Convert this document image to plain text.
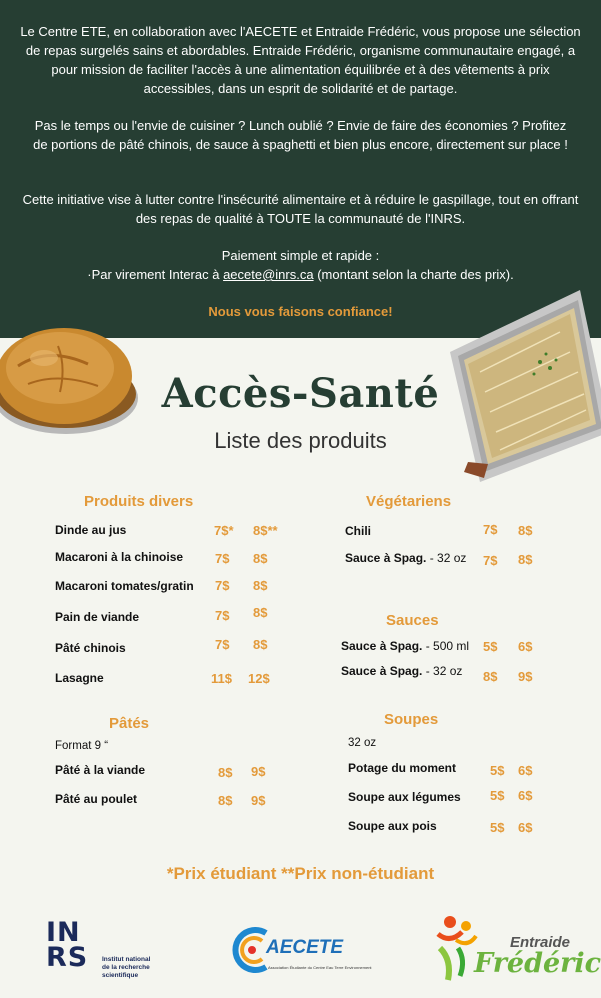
Le Centre ETE, en collaboration avec l'AECETE et Entraide Frédéric, vous propose une sélection de repas surgelés sains et abordables. Entraide Frédéric, organisme communautaire engagé, a pour mission de faciliter l'accès à une alimentation équilibrée et à des vêtements à prix accessibles, dans un esprit de solidarité et de partage.

Pas le temps ou l'envie de cuisiner ? Lunch oublié ? Envie de faire des économies ? Profitez de portions de pâté chinois, de sauce à spaghetti et bien plus encore, directement sur place !

Cette initiative vise à lutter contre l'insécurité alimentaire et à réduire le gaspillage, tout en offrant des repas de qualité à TOUTE la communauté de l'INRS.

Paiement simple et rapide :
·Par virement Interac à aecete@inrs.ca (montant selon la charte des prix).

Nous vous faisons confiance!

Accès-Santé
Liste des produits
Produits divers
Dinde au jus	7$* 8$**
Macaroni à la chinoise 7$ 8$
Macaroni tomates/gratin 7$ 8$
Pain de viande	7$ 8$
Pâté chinois	7$ 8$
Lasagne	11$ 12$
Végétariens
Chili	7$ 8$
Sauce à Spag. - 32 oz 7$ 8$
Sauces
Sauce à Spag. - 500 ml 5$ 6$
Sauce à Spag. - 32 oz 8$ 9$
Pâtés
Format 9 “
Pâté à la viande	8$ 9$
Pâté au poulet	8$ 9$
Soupes
32 oz
Potage du moment	5$ 6$
Soupe aux légumes 5$ 6$
Soupe aux pois	5$ 6$
*Prix étudiant **Prix non-étudiant
INRS Institut national
de la recherche
scientifique
AECETE
Association Étudiante du Centre Eau Terre Environnement
Entraide
Frédéric
